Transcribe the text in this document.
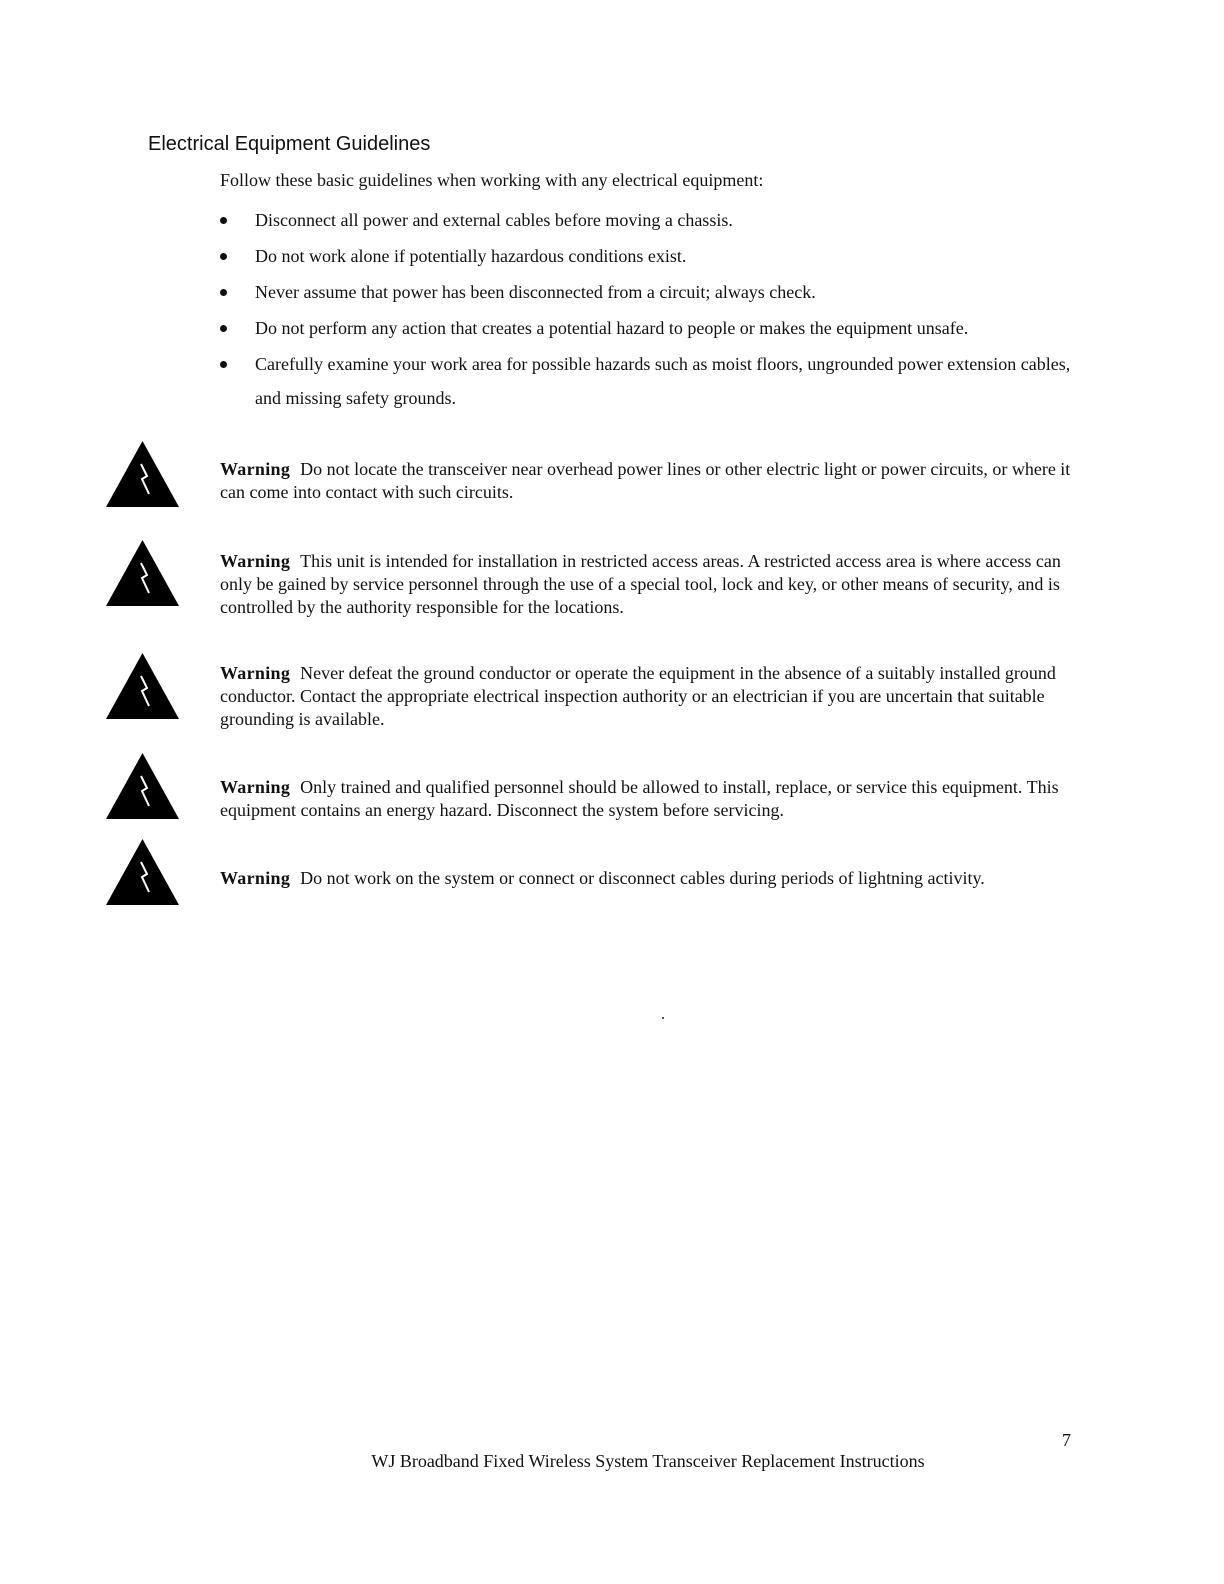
Electrical Equipment Guidelines
Follow these basic guidelines when working with any electrical equipment:
Disconnect all power and external cables before moving a chassis.
Do not work alone if potentially hazardous conditions exist.
Never assume that power has been disconnected from a circuit; always check.
Do not perform any action that creates a potential hazard to people or makes the equipment unsafe.
Carefully examine your work area for possible hazards such as moist floors, ungrounded power extension cables, and missing safety grounds.
Warning Do not locate the transceiver near overhead power lines or other electric light or power circuits, or where it can come into contact with such circuits.
Warning This unit is intended for installation in restricted access areas. A restricted access area is where access can only be gained by service personnel through the use of a special tool, lock and key, or other means of security, and is controlled by the authority responsible for the locations.
Warning Never defeat the ground conductor or operate the equipment in the absence of a suitably installed ground conductor. Contact the appropriate electrical inspection authority or an electrician if you are uncertain that suitable grounding is available.
Warning Only trained and qualified personnel should be allowed to install, replace, or service this equipment. This equipment contains an energy hazard. Disconnect the system before servicing.
Warning Do not work on the system or connect or disconnect cables during periods of lightning activity.
7
WJ Broadband Fixed Wireless System Transceiver Replacement Instructions
